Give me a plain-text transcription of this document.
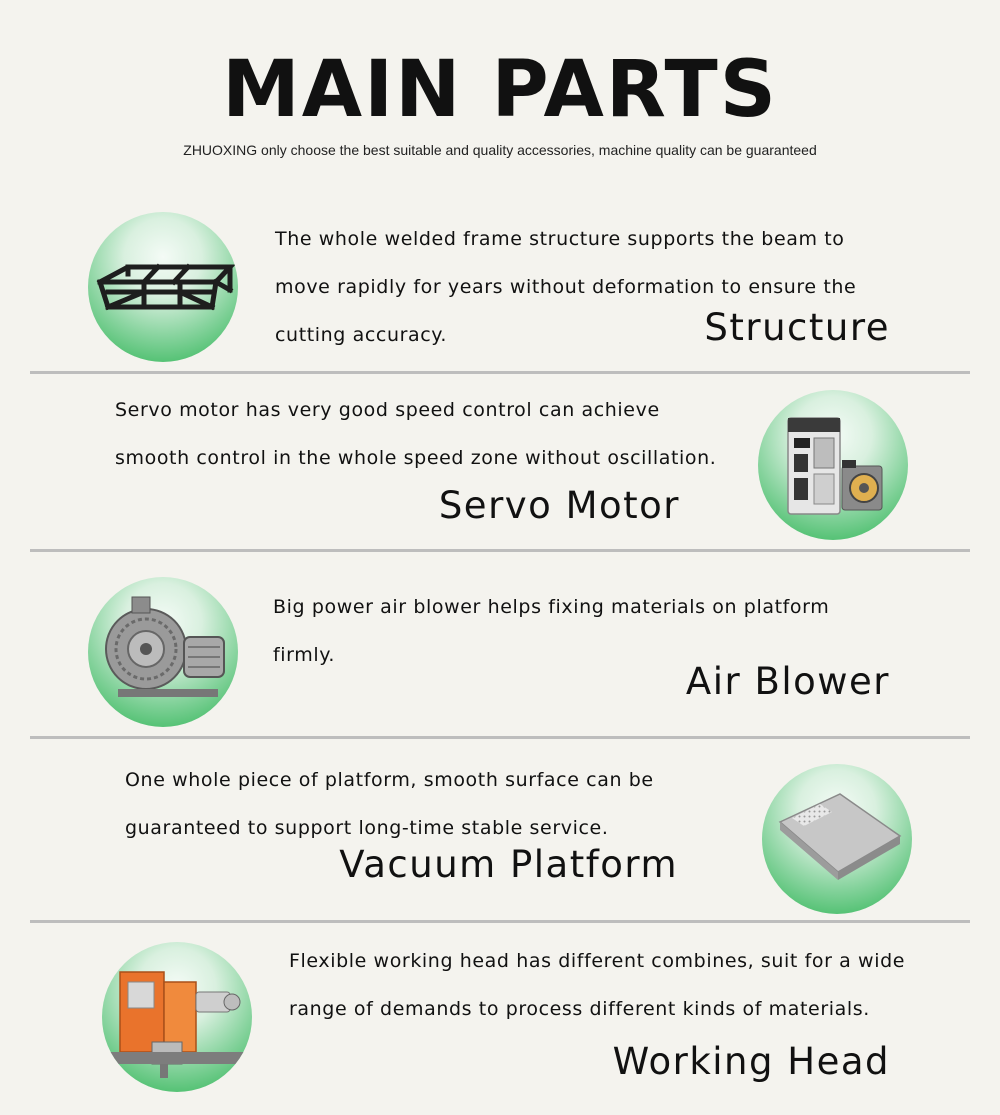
MAIN PARTS
ZHUOXING only choose the best suitable and quality accessories, machine quality can be guaranteed

The whole welded frame structure supports the beam to move rapidly for years without deformation to ensure the cutting accuracy.	Structure

Servo motor has very good speed control can achieve smooth control in the whole speed zone without oscillation.

Servo Motor

Big power air blower helps fixing materials on platform firmly.

Air Blower

One whole piece of platform, smooth surface can be guaranteed to support long-time stable service.

Vacuum Platform

Flexible working head has different combines, suit for a wide range of demands to process different kinds of materials.

Working Head
